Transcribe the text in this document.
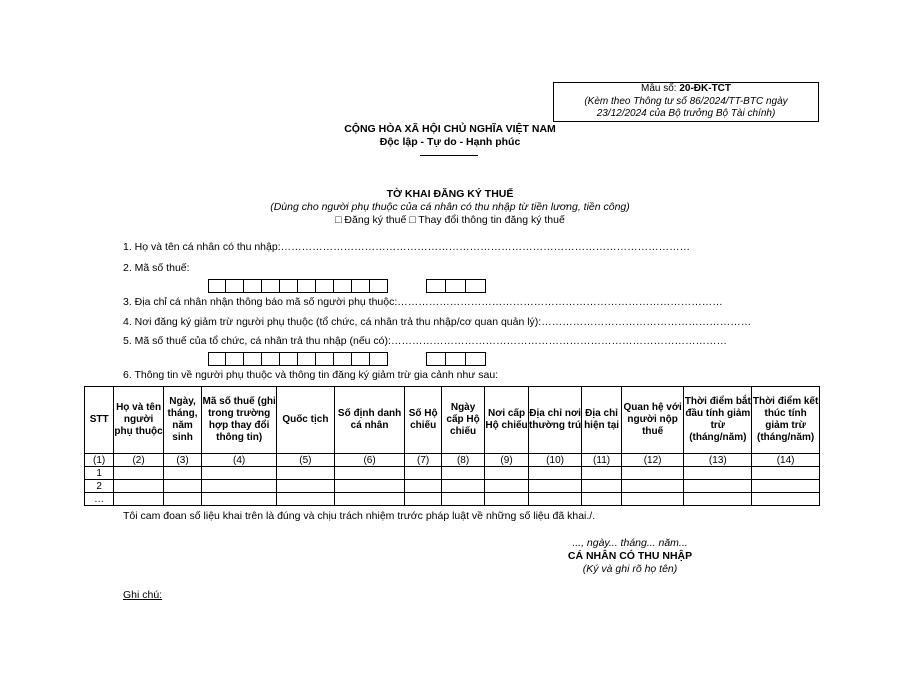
Mẫu số: 20-ĐK-TCT
(Kèm theo Thông tư số 86/2024/TT-BTC ngày
23/12/2024 của Bộ trưởng Bộ Tài chính)
CỘNG HÒA XÃ HỘI CHỦ NGHĨA VIỆT NAM
Độc lập - Tự do - Hạnh phúc
TỜ KHAI ĐĂNG KÝ THUẾ
(Dùng cho người phụ thuộc của cá nhân có thu nhập từ tiền lương, tiền công)
□ Đăng ký thuế □ Thay đổi thông tin đăng ký thuế
1. Họ và tên cá nhân có thu nhập:………………………………………………………………………………………………………
2. Mã số thuế:
3. Địa chỉ cá nhân nhận thông báo mã số người phụ thuộc:…………………………………………………………………………………
4. Nơi đăng ký giảm trừ người phụ thuộc (tổ chức, cá nhân trả thu nhập/cơ quan quản lý):……………………………………………………
5. Mã số thuế của tổ chức, cá nhân trả thu nhập (nếu có):……………………………………………………………………………………
6. Thông tin về người phụ thuộc và thông tin đăng ký giảm trừ gia cảnh như sau:
STT	Họ và tên người phụ thuộc	Ngày, tháng, năm sinh	Mã số thuế (ghi trong trường hợp thay đổi thông tin)	Quốc tịch	Số định danh cá nhân	Số Hộ chiếu	Ngày cấp Hộ chiếu	Nơi cấp Hộ chiếu	Địa chỉ nơi thường trú	Địa chỉ hiện tại	Quan hệ với người nộp thuế	Thời điểm bắt đầu tính giảm trừ (tháng/năm)	Thời điểm kết thúc tính giảm trừ (tháng/năm)
(1)	(2)	(3)	(4)	(5)	(6)	(7)	(8)	(9)	(10)	(11)	(12)	(13)	(14)
1													
2													
…													
Tôi cam đoan số liệu khai trên là đúng và chịu trách nhiệm trước pháp luật về những số liệu đã khai./.
..., ngày... tháng... năm...
CÁ NHÂN CÓ THU NHẬP
(Ký và ghi rõ họ tên)
Ghi chú:
